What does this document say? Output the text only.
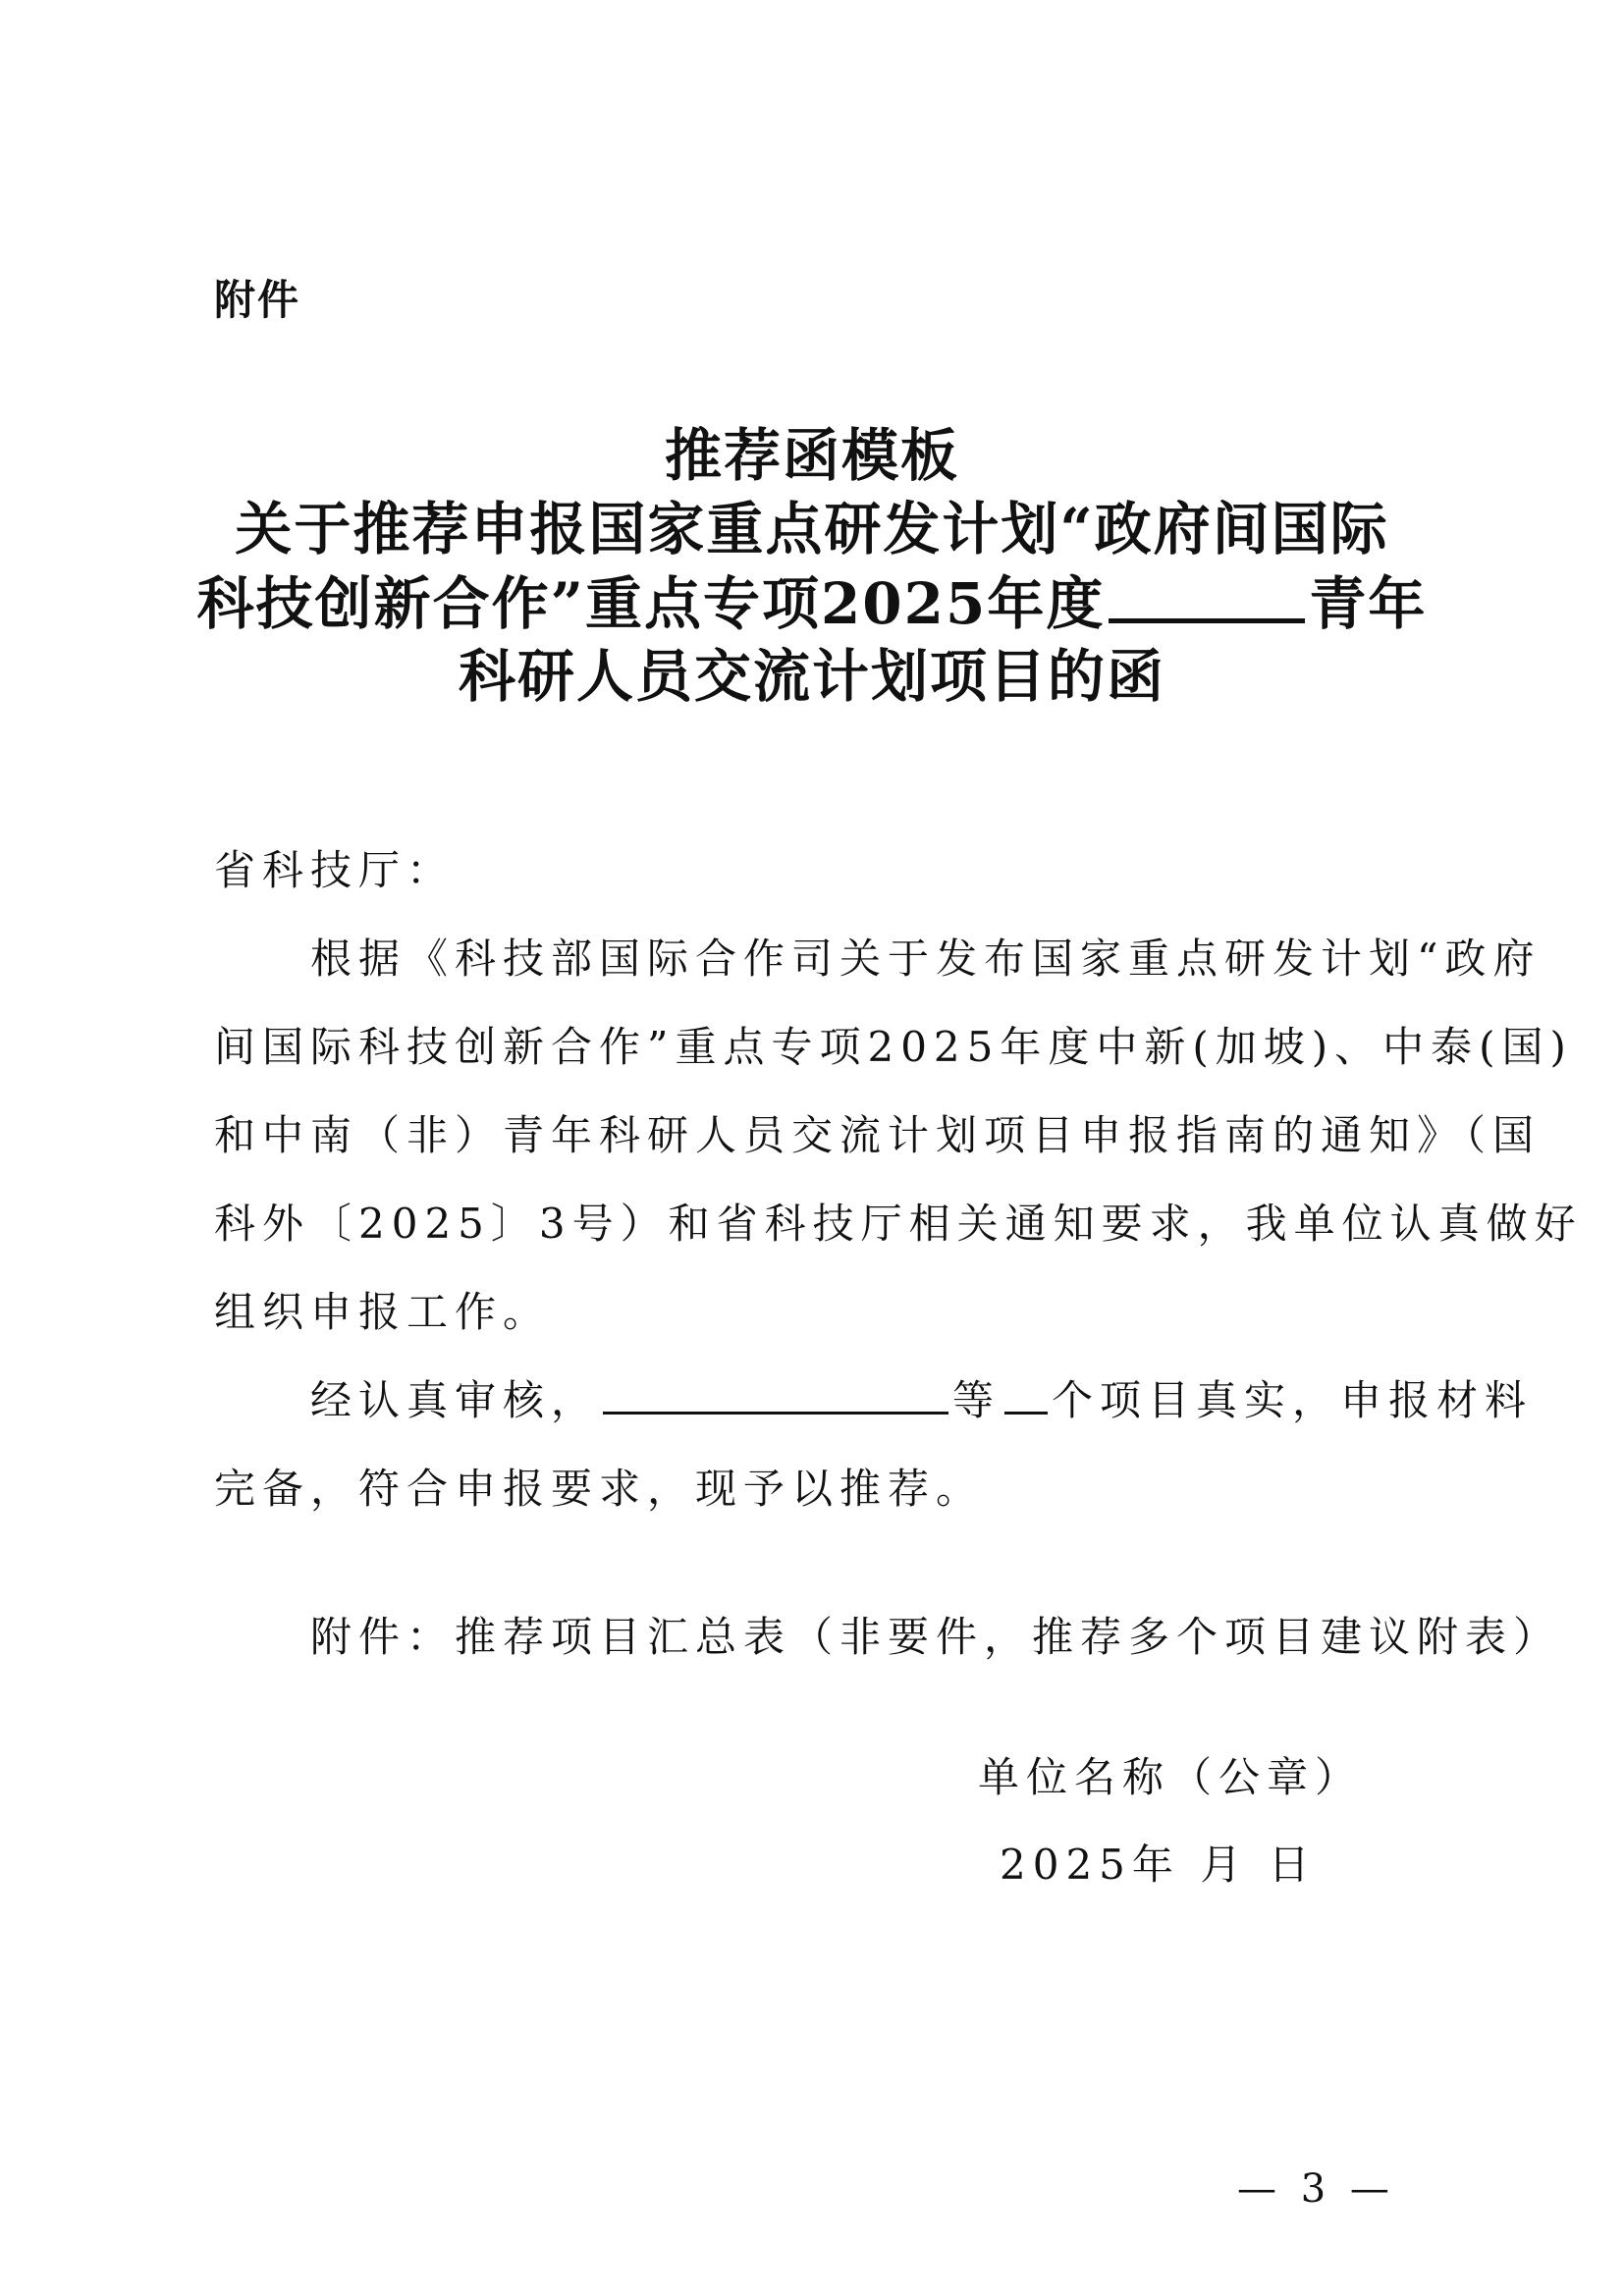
附件
推荐函模板
关于推荐申报国家重点研发计划“政府间国际
科技创新合作”重点专项2025年度	青年
科研人员交流计划项目的函
省科技厅：
　　根据《科技部国际合作司关于发布国家重点研发计划“政府
间国际科技创新合作”重点专项2025年度中新(加坡)、中泰(国)
和中南（非）青年科研人员交流计划项目申报指南的通知》（国
科外〔2025〕3号）和省科技厅相关通知要求，我单位认真做好
组织申报工作。
　　经认真审核，	等 个项目真实，申报材料
完备，符合申报要求，现予以推荐。
　　附件：推荐项目汇总表（非要件，推荐多个项目建议附表）
单位名称（公章）
2025年 月 日
— 3 —
